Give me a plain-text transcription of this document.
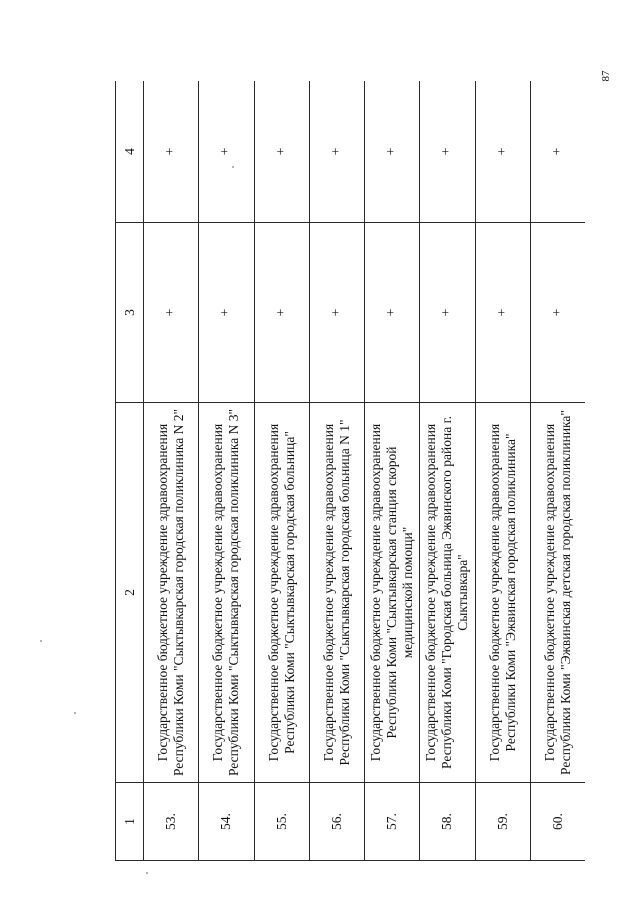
87
1	2	3	4
53.	Государственное бюджетное учреждение здравоохранения Республики Коми "Сыктывкарская городская поликлиника N 2"	+	+
54.	Государственное бюджетное учреждение здравоохранения Республики Коми "Сыктывкарская городская поликлиника N 3"	+	+
55.	Государственное бюджетное учреждение здравоохранения Республики Коми "Сыктывкарская городская больница"	+	+
56.	Государственное бюджетное учреждение здравоохранения Республики Коми "Сыктывкарская городская больница N 1"	+	+
57.	Государственное бюджетное учреждение здравоохранения Республики Коми "Сыктывкарская станция скорой медицинской помощи"	+	+
58.	Государственное бюджетное учреждение здравоохранения Республики Коми "Городская больница Эжвинского района г. Сыктывкара"	+	+
59.	Государственное бюджетное учреждение здравоохранения Республики Коми "Эжвинская городская поликлиника"	+	+
60.	Государственное бюджетное учреждение здравоохранения Республики Коми "Эжвинская детская городская поликлиника"	+	+
